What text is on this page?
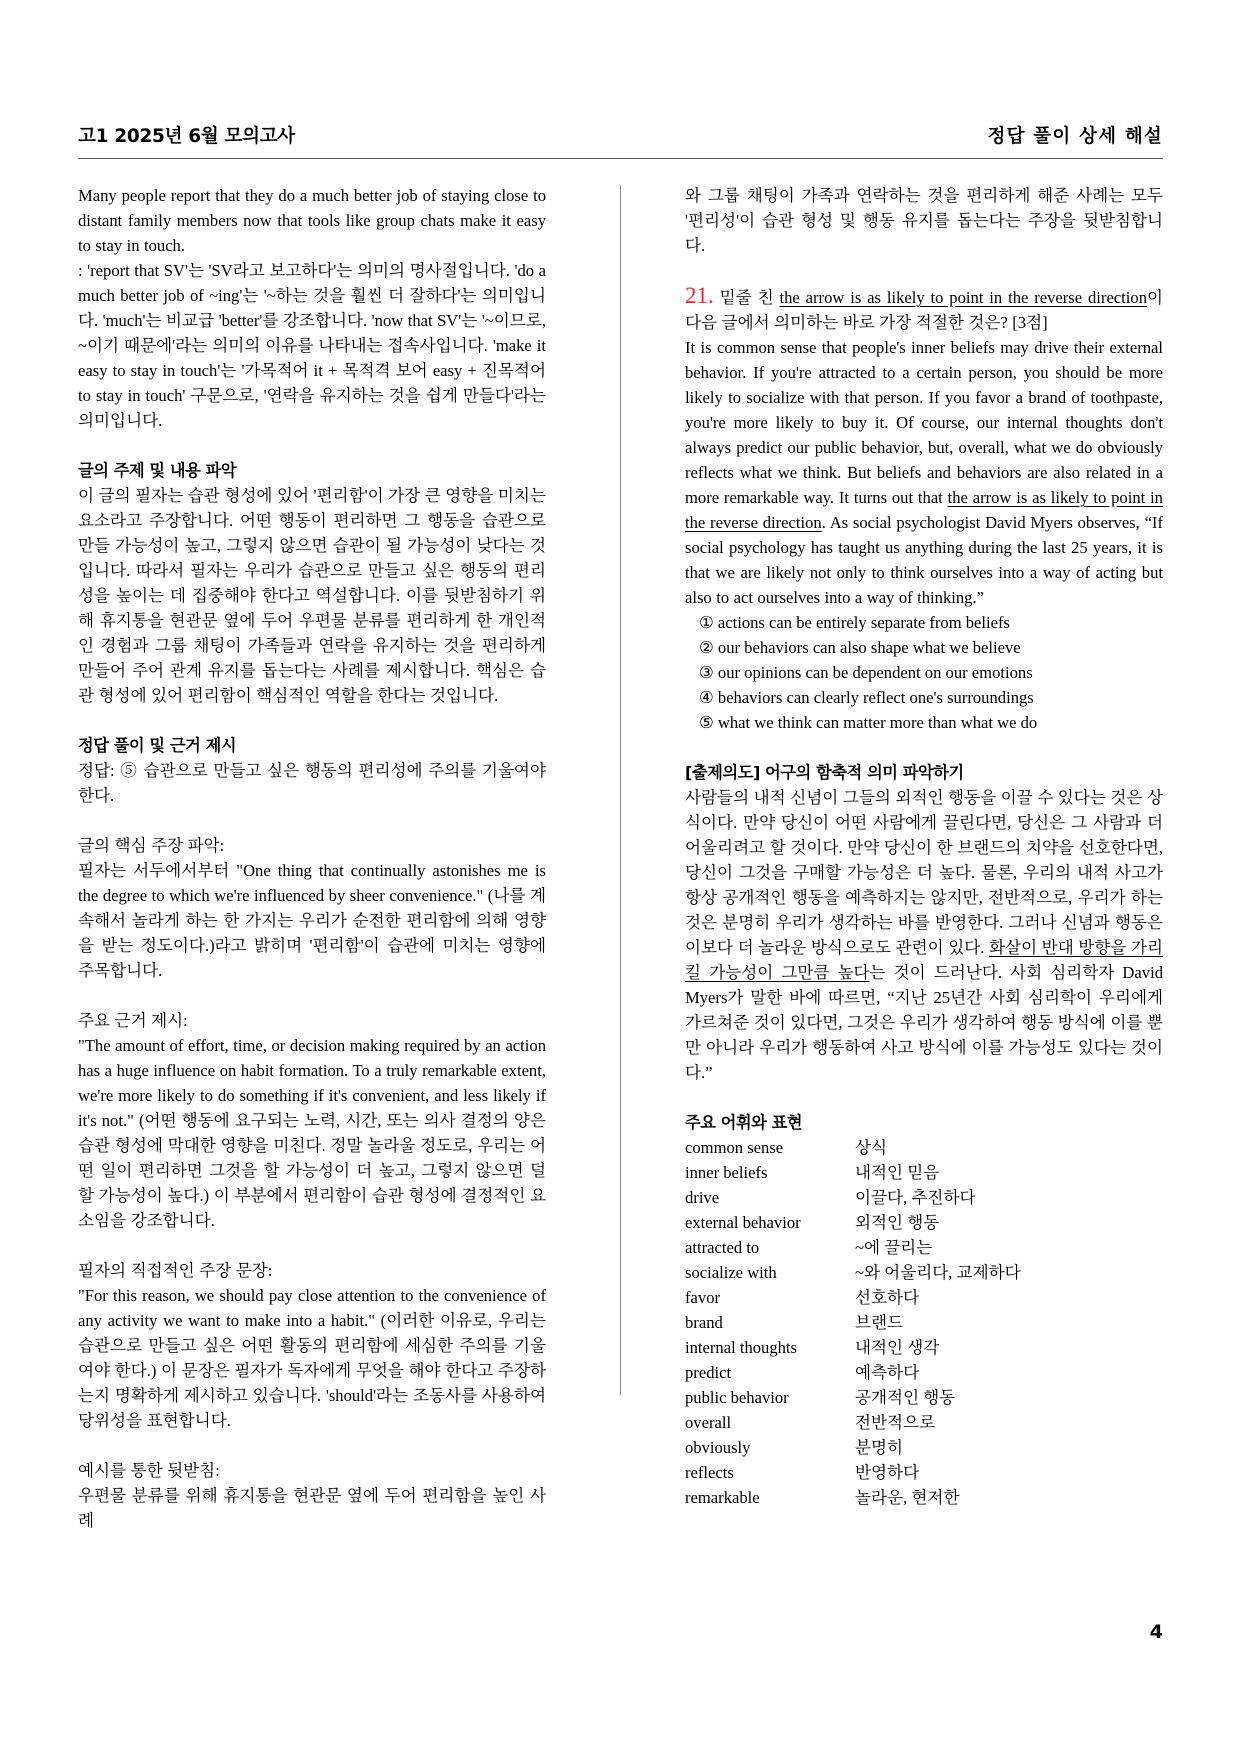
고1 2025년 6월 모의고사	정답 풀이 상세 해설

Many people report that they do a much better job of staying close to distant family members now that tools like group chats make it easy to stay in touch.

: 'report that SV'는 'SV라고 보고하다'는 의미의 명사절입니다. 'do a much better job of ~ing'는 '~하는 것을 훨씬 더 잘하다'는 의미입니다. 'much'는 비교급 'better'를 강조합니다. 'now that SV'는 '~이므로, ~이기 때문에'라는 의미의 이유를 나타내는 접속사입니다. 'make it easy to stay in touch'는 '가목적어 it + 목적격 보어 easy + 진목적어 to stay in touch' 구문으로, '연락을 유지하는 것을 쉽게 만들다'라는 의미입니다.

글의 주제 및 내용 파악

이 글의 필자는 습관 형성에 있어 '편리함'이 가장 큰 영향을 미치는 요소라고 주장합니다. 어떤 행동이 편리하면 그 행동을 습관으로 만들 가능성이 높고, 그렇지 않으면 습관이 될 가능성이 낮다는 것입니다. 따라서 필자는 우리가 습관으로 만들고 싶은 행동의 편리성을 높이는 데 집중해야 한다고 역설합니다. 이를 뒷받침하기 위해 휴지통을 현관문 옆에 두어 우편물 분류를 편리하게 한 개인적인 경험과 그룹 채팅이 가족들과 연락을 유지하는 것을 편리하게 만들어 주어 관계 유지를 돕는다는 사례를 제시합니다. 핵심은 습관 형성에 있어 편리함이 핵심적인 역할을 한다는 것입니다.

정답 풀이 및 근거 제시

정답: ⑤ 습관으로 만들고 싶은 행동의 편리성에 주의를 기울여야 한다.

글의 핵심 주장 파악:

필자는 서두에서부터 "One thing that continually astonishes me is the degree to which we're influenced by sheer convenience." (나를 계속해서 놀라게 하는 한 가지는 우리가 순전한 편리함에 의해 영향을 받는 정도이다.)라고 밝히며 '편리함'이 습관에 미치는 영향에 주목합니다.

주요 근거 제시:

"The amount of effort, time, or decision making required by an action has a huge influence on habit formation. To a truly remarkable extent, we're more likely to do something if it's convenient, and less likely if it's not." (어떤 행동에 요구되는 노력, 시간, 또는 의사 결정의 양은 습관 형성에 막대한 영향을 미친다. 정말 놀라울 정도로, 우리는 어떤 일이 편리하면 그것을 할 가능성이 더 높고, 그렇지 않으면 덜 할 가능성이 높다.) 이 부분에서 편리함이 습관 형성에 결정적인 요소임을 강조합니다.

필자의 직접적인 주장 문장:

"For this reason, we should pay close attention to the convenience of any activity we want to make into a habit." (이러한 이유로, 우리는 습관으로 만들고 싶은 어떤 활동의 편리함에 세심한 주의를 기울여야 한다.) 이 문장은 필자가 독자에게 무엇을 해야 한다고 주장하는지 명확하게 제시하고 있습니다. 'should'라는 조동사를 사용하여 당위성을 표현합니다.

예시를 통한 뒷받침:

우편물 분류를 위해 휴지통을 현관문 옆에 두어 편리함을 높인 사례

와 그룹 채팅이 가족과 연락하는 것을 편리하게 해준 사례는 모두 '편리성'이 습관 형성 및 행동 유지를 돕는다는 주장을 뒷받침합니다.

21. 밑줄 친 the arrow is as likely to point in the reverse direction이 다음 글에서 의미하는 바로 가장 적절한 것은? [3점]

It is common sense that people's inner beliefs may drive their external behavior. If you're attracted to a certain person, you should be more likely to socialize with that person. If you favor a brand of toothpaste, you're more likely to buy it. Of course, our internal thoughts don't always predict our public behavior, but, overall, what we do obviously reflects what we think. But beliefs and behaviors are also related in a more remarkable way. It turns out that the arrow is as likely to point in the reverse direction. As social psychologist David Myers observes, “If social psychology has taught us anything during the last 25 years, it is that we are likely not only to think ourselves into a way of acting but also to act ourselves into a way of thinking.”

① actions can be entirely separate from beliefs
② our behaviors can also shape what we believe
③ our opinions can be dependent on our emotions
④ behaviors can clearly reflect one's surroundings
⑤ what we think can matter more than what we do
[출제의도] 어구의 함축적 의미 파악하기

사람들의 내적 신념이 그들의 외적인 행동을 이끌 수 있다는 것은 상식이다. 만약 당신이 어떤 사람에게 끌린다면, 당신은 그 사람과 더 어울리려고 할 것이다. 만약 당신이 한 브랜드의 치약을 선호한다면, 당신이 그것을 구매할 가능성은 더 높다. 물론, 우리의 내적 사고가 항상 공개적인 행동을 예측하지는 않지만, 전반적으로, 우리가 하는 것은 분명히 우리가 생각하는 바를 반영한다. 그러나 신념과 행동은 이보다 더 놀라운 방식으로도 관련이 있다. 화살이 반대 방향을 가리킬 가능성이 그만큼 높다는 것이 드러난다. 사회 심리학자 David Myers가 말한 바에 따르면, “지난 25년간 사회 심리학이 우리에게 가르쳐준 것이 있다면, 그것은 우리가 생각하여 행동 방식에 이를 뿐만 아니라 우리가 행동하여 사고 방식에 이를 가능성도 있다는 것이다.”

주요 어휘와 표현
common sense	상식
inner beliefs	내적인 믿음
drive	이끌다, 추진하다
external behavior	외적인 행동
attracted to	~에 끌리는
socialize with	~와 어울리다, 교제하다
favor	선호하다
brand	브랜드
internal thoughts	내적인 생각
predict	예측하다
public behavior	공개적인 행동
overall	전반적으로
obviously	분명히
reflects	반영하다
remarkable	놀라운, 현저한
4
